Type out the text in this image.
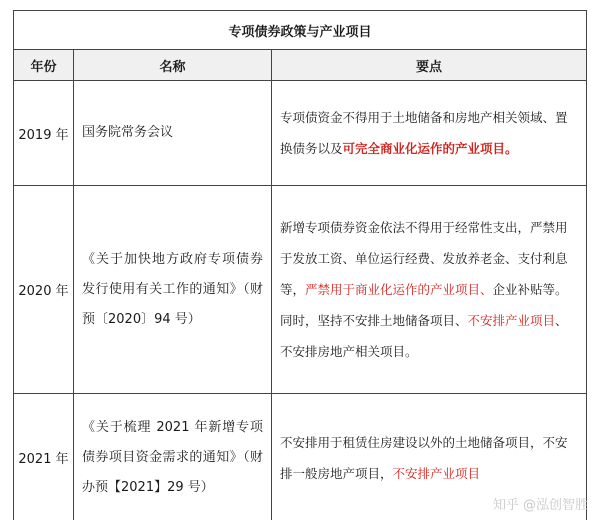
专项债券政策与产业项目		
年份	名称	要点
2019 年	国务院常务会议	专项债资金不得用于土地储备和房地产相关领域、置换债务以及可完全商业化运作的产业项目。
2020 年	《关于加快地方政府专项债券发行使用有关工作的通知》（财预〔2020〕94 号）	新增专项债券资金依法不得用于经常性支出，严禁用于发放工资、单位运行经费、发放养老金、支付利息等，严禁用于商业化运作的产业项目、企业补贴等。同时，坚持不安排土地储备项目、不安排产业项目、不安排房地产相关项目。
2021 年	《关于梳理 2021 年新增专项债券项目资金需求的通知》（财办预【2021】29 号）	不安排用于租赁住房建设以外的土地储备项目，不安排一般房地产项目，不安排产业项目
知乎 @泓创智胜
